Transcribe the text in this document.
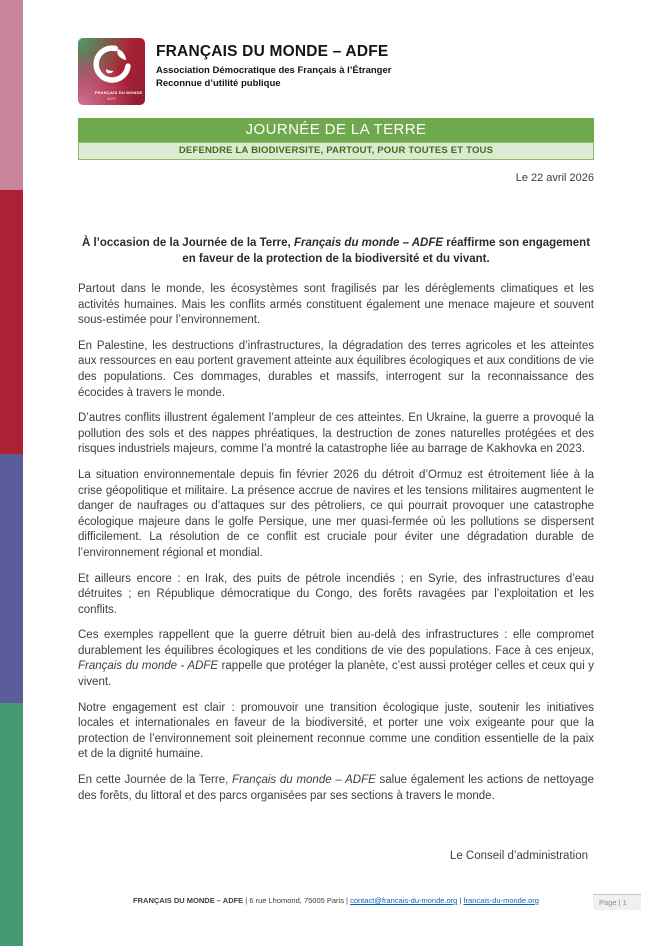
FRANÇAIS DU MONDE
ADFE
FRANÇAIS DU MONDE – ADFE
Association Démocratique des Français à l’Étranger
Reconnue d’utilité publique
JOURNÉE DE LA TERRE
DEFENDRE LA BIODIVERSITE, PARTOUT, POUR TOUTES ET TOUS
Le 22 avril 2026

À l’occasion de la Journée de la Terre, Français du monde – ADFE réaffirme son engagement en faveur de la protection de la biodiversité et du vivant.

Partout dans le monde, les écosystèmes sont fragilisés par les dérèglements climatiques et les activités humaines. Mais les conflits armés constituent également une menace majeure et souvent sous-estimée pour l’environnement.

En Palestine, les destructions d’infrastructures, la dégradation des terres agricoles et les atteintes aux ressources en eau portent gravement atteinte aux équilibres écologiques et aux conditions de vie des populations. Ces dommages, durables et massifs, interrogent sur la reconnaissance des écocides à travers le monde.

D’autres conflits illustrent également l’ampleur de ces atteintes. En Ukraine, la guerre a provoqué la pollution des sols et des nappes phréatiques, la destruction de zones naturelles protégées et des risques industriels majeurs, comme l’a montré la catastrophe liée au barrage de Kakhovka en 2023.

La situation environnementale depuis fin février 2026 du détroit d’Ormuz est étroitement liée à la crise géopolitique et militaire. La présence accrue de navires et les tensions militaires augmentent le danger de naufrages ou d’attaques sur des pétroliers, ce qui pourrait provoquer une catastrophe écologique majeure dans le golfe Persique, une mer quasi-fermée où les pollutions se dispersent difficilement. La résolution de ce conflit est cruciale pour éviter une dégradation durable de l’environnement régional et mondial.

Et ailleurs encore : en Irak, des puits de pétrole incendiés ; en Syrie, des infrastructures d’eau détruites ; en République démocratique du Congo, des forêts ravagées par l’exploitation et les conflits.

Ces exemples rappellent que la guerre détruit bien au-delà des infrastructures : elle compromet durablement les équilibres écologiques et les conditions de vie des populations. Face à ces enjeux, Français du monde - ADFE rappelle que protéger la planète, c’est aussi protéger celles et ceux qui y vivent.

Notre engagement est clair : promouvoir une transition écologique juste, soutenir les initiatives locales et internationales en faveur de la biodiversité, et porter une voix exigeante pour que la protection de l’environnement soit pleinement reconnue comme une condition essentielle de la paix et de la dignité humaine.

En cette Journée de la Terre, Français du monde – ADFE salue également les actions de nettoyage des forêts, du littoral et des parcs organisées par ses sections à travers le monde.

Le Conseil d’administration
FRANÇAIS DU MONDE – ADFE | 6 rue Lhomond, 75005 Paris | contact@francais-du-monde.org | francais-du-monde.org	Page | 1
